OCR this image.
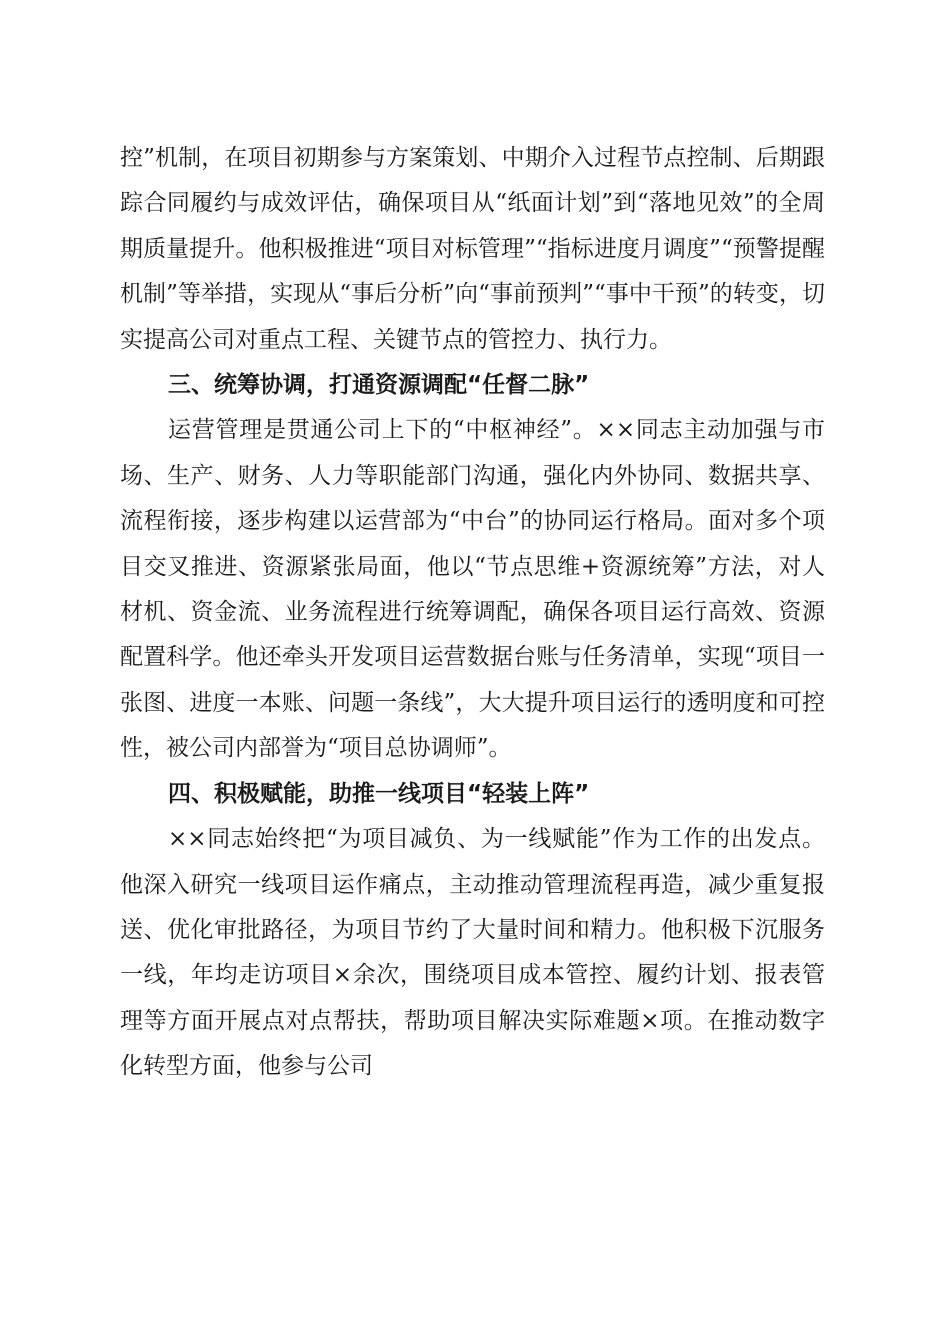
控”机制，在项目初期参与方案策划、中期介入过程节点控制、后期跟踪合同履约与成效评估，确保项目从“纸面计划”到“落地见效”的全周期质量提升。他积极推进“项目对标管理”“指标进度月调度”“预警提醒机制”等举措，实现从“事后分析”向“事前预判”“事中干预”的转变，切实提高公司对重点工程、关键节点的管控力、执行力。

三、统筹协调，打通资源调配“任督二脉”

运营管理是贯通公司上下的“中枢神经”。××同志主动加强与市场、生产、财务、人力等职能部门沟通，强化内外协同、数据共享、流程衔接，逐步构建以运营部为“中台”的协同运行格局。面对多个项目交叉推进、资源紧张局面，他以“节点思维+资源统筹”方法，对人材机、资金流、业务流程进行统筹调配，确保各项目运行高效、资源配置科学。他还牵头开发项目运营数据台账与任务清单，实现“项目一张图、进度一本账、问题一条线”，大大提升项目运行的透明度和可控性，被公司内部誉为“项目总协调师”。

四、积极赋能，助推一线项目“轻装上阵”

××同志始终把“为项目减负、为一线赋能”作为工作的出发点。他深入研究一线项目运作痛点，主动推动管理流程再造，减少重复报送、优化审批路径，为项目节约了大量时间和精力。他积极下沉服务一线，年均走访项目×余次，围绕项目成本管控、履约计划、报表管理等方面开展点对点帮扶，帮助项目解决实际难题×项。在推动数字化转型方面，他参与公司
